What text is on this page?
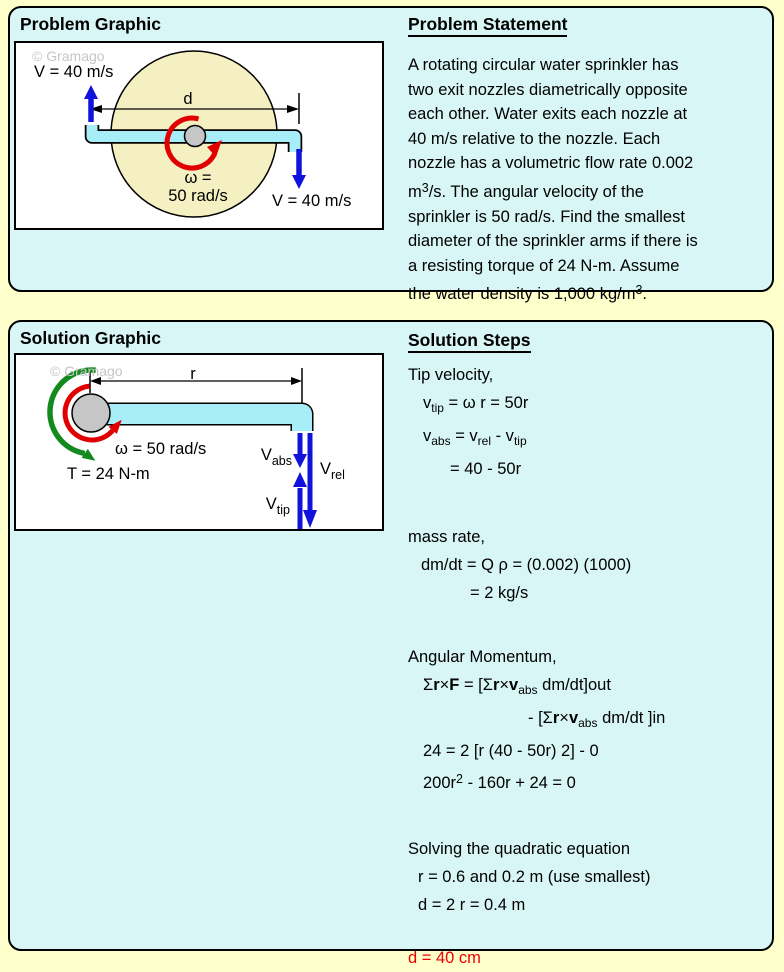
Problem Graphic
© Gramago
V = 40 m/s
d
ω =
50 rad/s	V = 40 m/s
Problem Statement
A rotating circular water sprinkler has
two exit nozzles diametrically opposite
each other. Water exits each nozzle at
40 m/s relative to the nozzle. Each
nozzle has a volumetric flow rate 0.002
$m^3/s$. The angular velocity of the
sprinkler is 50 rad/s. Find the smallest
diameter of the sprinkler arms if there is
a resisting torque of 24 N-m. Assume
the water density is 1,000 $kg/m^3$.
Solution Graphic
© Gramago	r
ω = 50 rad/s
T = 24 N-m
$V_{abs}$ $V_{rel}$
$V_{tip}$
Solution Steps
Tip velocity,
$v_{tip} = \omega$ r = 50r
$v_{abs} = v_{rel} - v_{tip}$
= 40 - 50r
mass rate,
dm/dt = Q ρ = (0.002) (1000)
= 2 kg/s
Angular Momentum,
$\Sigma r\times F = [\Sigma r\times v_{abs}$ dm/dt]out
- [$\Sigma r\times v_{abs}$ dm/dt ]in
24 = 2 [r (40 - 50r) 2] - 0
$200r^2 - 160r + 24 = 0$
Solving the quadratic equation
r = 0.6 and 0.2 m (use smallest)
d = 2 r = 0.4 m
d = 40 cm
